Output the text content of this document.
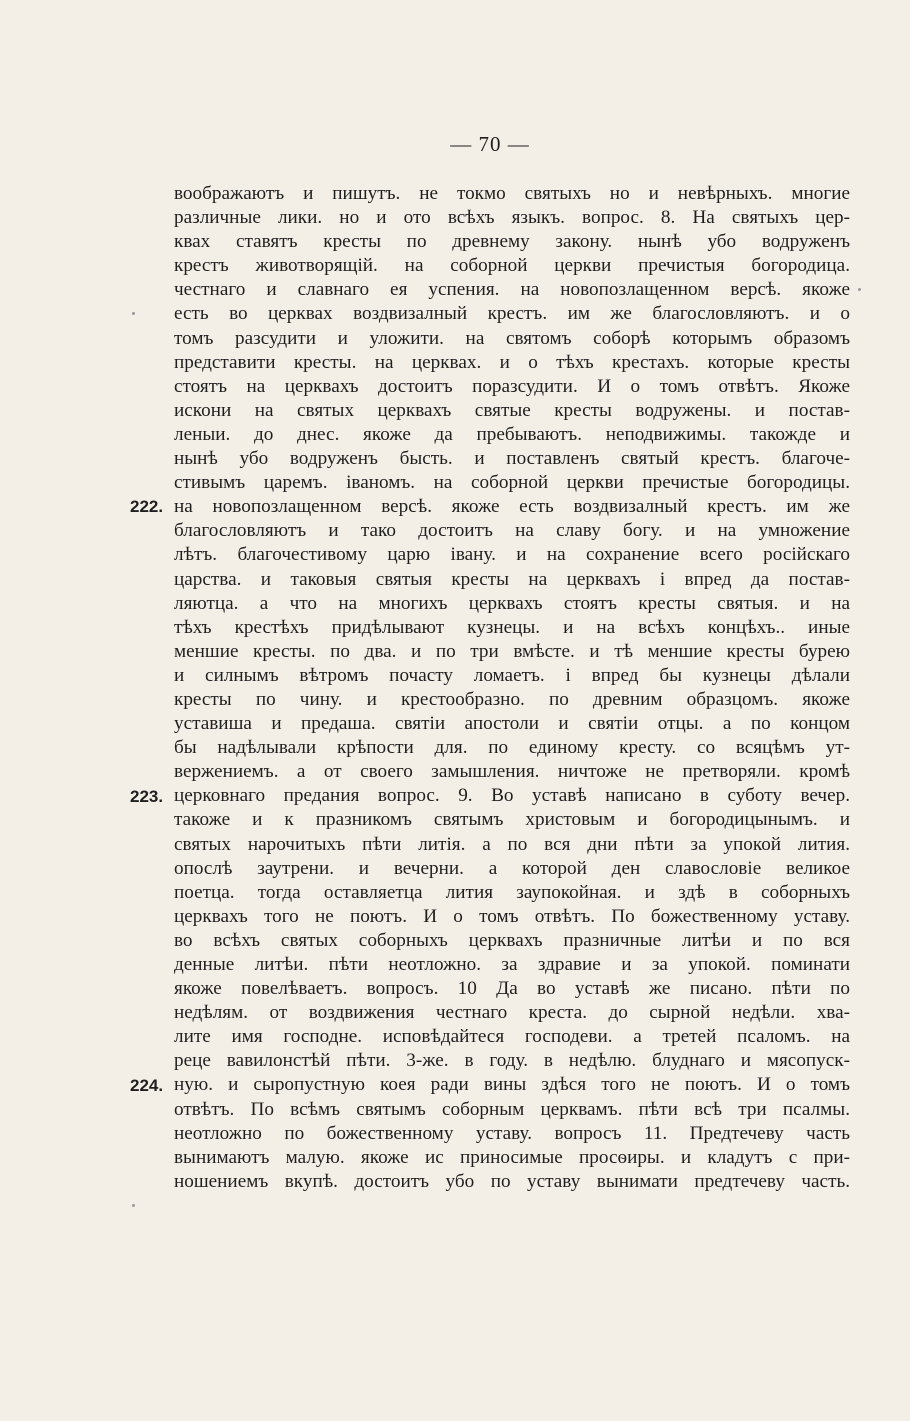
— 70 —
воображаютъ и пишутъ. не токмо святыхъ но и невѣрныхъ. многие
различные лики. но и ото всѣхъ языкъ. вопрос. 8. На святыхъ цер-
квах ставятъ кресты по древнему закону. нынѣ убо водруженъ
крестъ животворящій. на соборной церкви пречистыя богородица.
честнаго и славнаго ея успения. на новопозлащенном версѣ. якоже
есть во церквах воздвизалный крестъ. им же благословляютъ. и о
томъ разсудити и уложити. на святомъ соборѣ которымъ образомъ
представити кресты. на церквах. и о тѣхъ крестахъ. которые кресты
стоятъ на церквахъ достоитъ поразсудити. И о томъ отвѣтъ. Якоже
искони на святых церквахъ святые кресты водружены. и постав-
леныи. до днес. якоже да пребываютъ. неподвижимы. такожде и
нынѣ убо водруженъ бысть. и поставленъ святый крестъ. благоче-
стивымъ царемъ. іваномъ. на соборной церкви пречистые богородицы.
на новопозлащенном версѣ. якоже есть воздвизалный крестъ. им же
благословляютъ и тако достоитъ на славу богу. и на умножение
лѣтъ. благочестивому царю івану. и на сохранение всего російскаго
царства. и таковыя святыя кресты на церквахъ і впред да постав-
ляютца. а что на многихъ церквахъ стоятъ кресты святыя. и на
тѣхъ крестѣхъ придѣлывают кузнецы. и на всѣхъ концѣхъ.. иные
меншие кресты. по два. и по три вмѣсте. и тѣ меншие кресты бурею
и силнымъ вѣтромъ почасту ломаетъ. і впред бы кузнецы дѣлали
кресты по чину. и крестообразно. по древним образцомъ. якоже
уставиша и предаша. святіи апостоли и святіи отцы. а по концом
бы надѣлывали крѣпости для. по единому кресту. со всяцѣмъ ут-
вержениемъ. а от своего замышления. ничтоже не претворяли. кромѣ
церковнаго предания вопрос. 9. Во уставѣ написано в суботу вечер.
такоже и к празникомъ святымъ христовым и богородицынымъ. и
святых нарочитыхъ пѣти литія. а по вся дни пѣти за упокой лития.
опослѣ заутрени. и вечерни. а которой ден славословіе великое
поетца. тогда оставляетца лития заупокойная. и здѣ в соборныхъ
церквахъ того не поютъ. И о томъ отвѣтъ. По божественному уставу.
во всѣхъ святых соборныхъ церквахъ празничные литѣи и по вся
денные литѣи. пѣти неотложно. за здравие и за упокой. поминати
якоже повелѣваетъ. вопросъ. 10 Да во уставѣ же писано. пѣти по
недѣлям. от воздвижения честнаго креста. до сырной недѣли. хва-
лите имя господне. исповѣдайтеся господеви. а третей псаломъ. на
реце вавилонстѣй пѣти. 3-же. в году. в недѣлю. блуднаго и мясопуск-
ную. и сыропустную коея ради вины здѣся того не поютъ. И о томъ
отвѣтъ. По всѣмъ святымъ соборным церквамъ. пѣти всѣ три псалмы.
неотложно по божественному уставу. вопросъ 11. Предтечеву часть
вынимаютъ малую. якоже ис приносимые просѳиры. и кладутъ с при-
ношениемъ вкупѣ. достоитъ убо по уставу вынимати предтечеву часть.
222.
223.
224.
